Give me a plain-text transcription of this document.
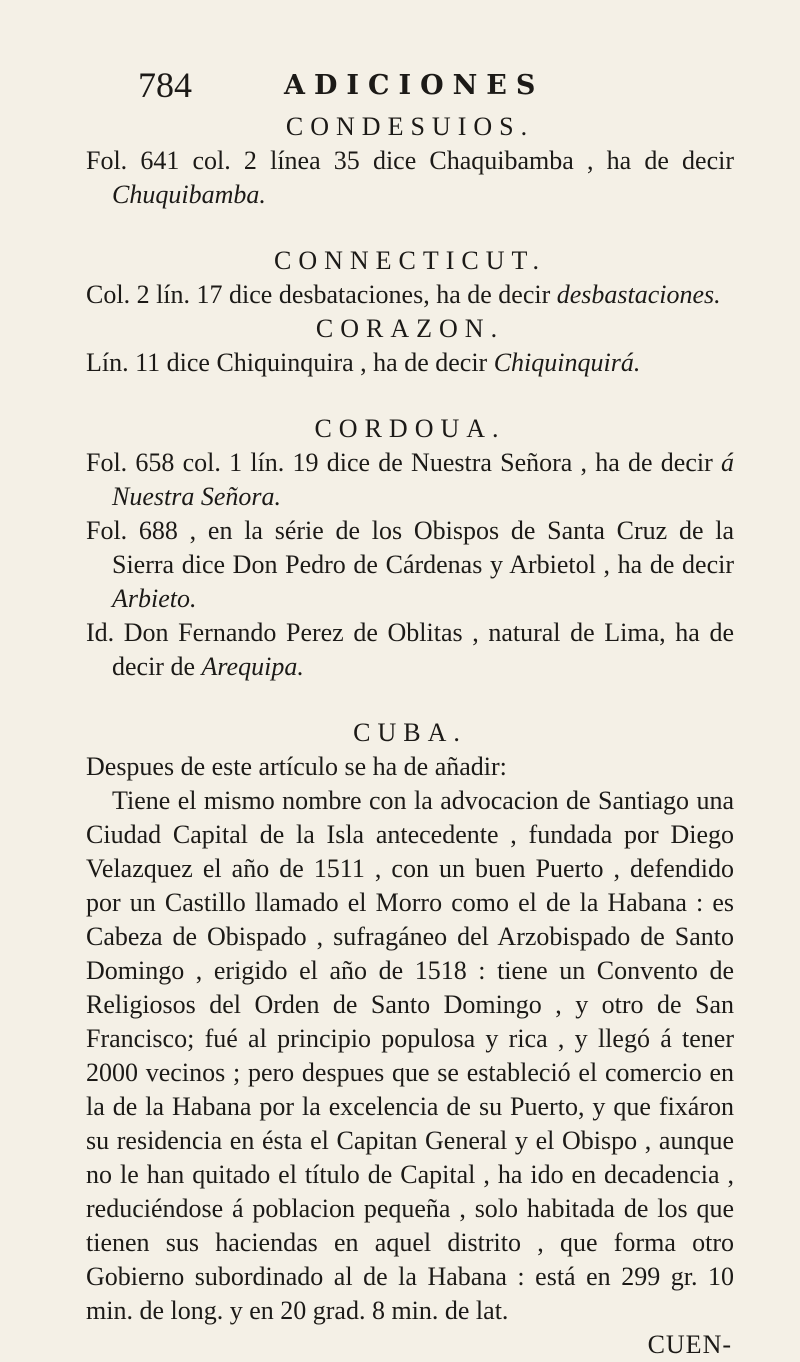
784	ADICIONES

CONDESUIOS.

Fol. 641 col. 2 línea 35 dice Chaquibamba , ha de decir Chuquibamba.

CONNECTICUT.

Col. 2 lín. 17 dice desbataciones, ha de decir desbastaciones.

CORAZON.

Lín. 11 dice Chiquinquira , ha de decir Chiquinquirá.

CORDOUA.

Fol. 658 col. 1 lín. 19 dice de Nuestra Señora , ha de decir á Nuestra Señora.

Fol. 688 , en la série de los Obispos de Santa Cruz de la Sierra dice Don Pedro de Cárdenas y Arbietol , ha de decir Arbieto.

Id. Don Fernando Perez de Oblitas , natural de Lima, ha de decir de Arequipa.

CUBA.

Despues de este artículo se ha de añadir:

Tiene el mismo nombre con la advocacion de Santiago una Ciudad Capital de la Isla antecedente , fundada por Diego Velazquez el año de 1511 , con un buen Puerto , defendido por un Castillo llamado el Morro como el de la Habana : es Cabeza de Obispado , sufragáneo del Arzobispado de Santo Domingo , erigido el año de 1518 : tiene un Convento de Religiosos del Orden de Santo Domingo , y otro de San Francisco; fué al principio populosa y rica , y llegó á tener 2000 vecinos ; pero despues que se estableció el comercio en la de la Habana por la excelencia de su Puerto, y que fixáron su residencia en ésta el Capitan General y el Obispo , aunque no le han quitado el título de Capital , ha ido en decadencia , reduciéndose á poblacion pequeña , solo habitada de los que tienen sus haciendas en aquel distrito , que forma otro Gobierno subordinado al de la Habana : está en 299 gr. 10 min. de long. y en 20 grad. 8 min. de lat.

CUEN-
